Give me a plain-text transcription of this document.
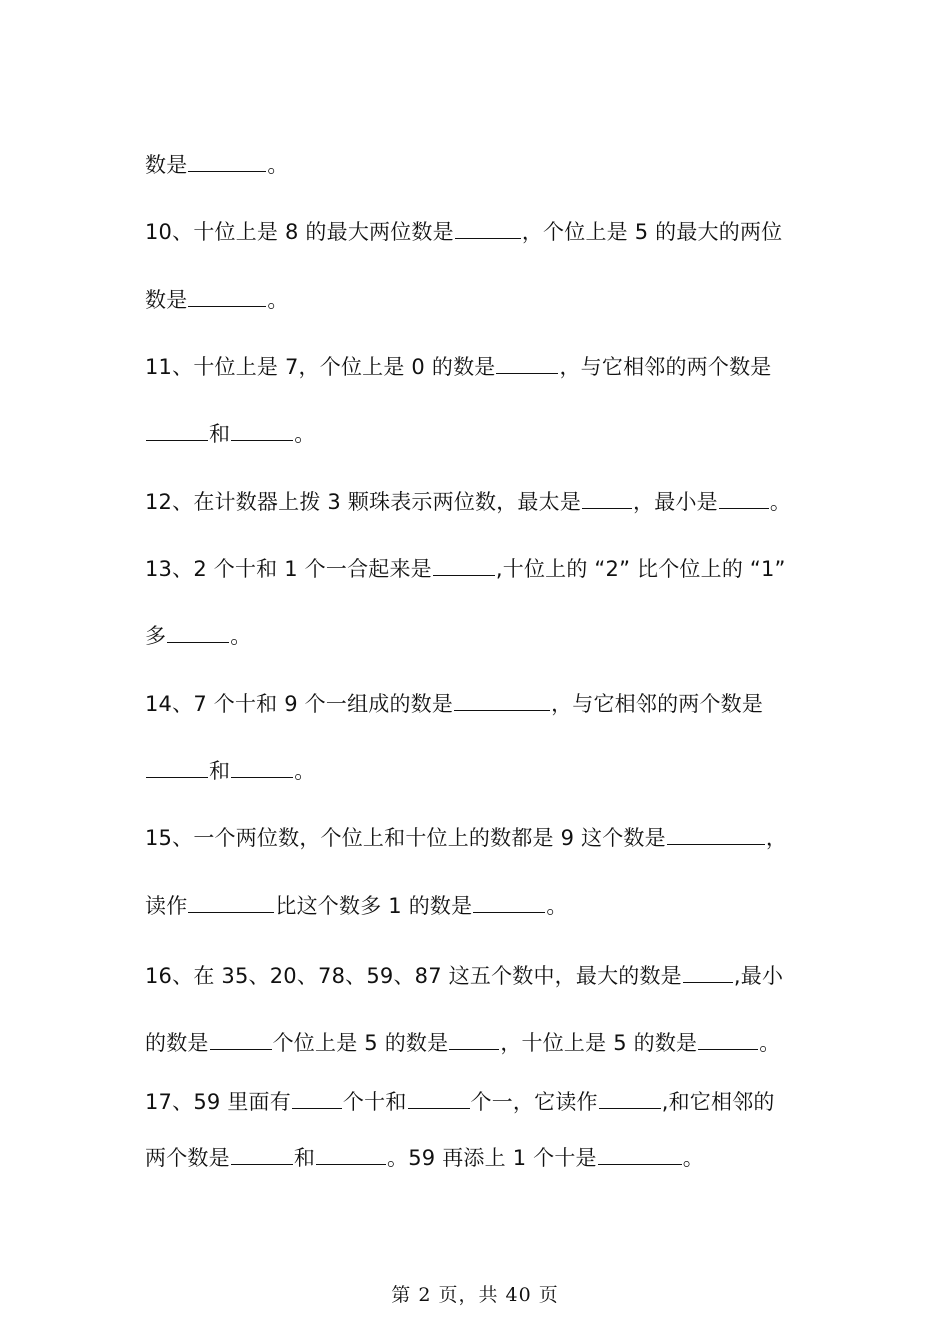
数是	。
10、十位上是 8 的最大两位数是	，个位上是 5 的最大的两位
数是	。
11、十位上是 7，个位上是 0 的数是	，与它相邻的两个数是
和	。
12、在计数器上拨 3 颗珠表示两位数，最太是 ，最小是 。
13、2 个十和 1 个一合起来是	,十位上的 “2” 比个位上的 “1”
多	。
14、7 个十和 9 个一组成的数是	，与它相邻的两个数是
和	。
15、一个两位数，个位上和十位上的数都是 9 这个数是	，
读作	比这个数多 1 的数是	。
16、在 35、20、78、59、87 这五个数中，最大的数是 ,最小
的数是	个位上是 5 的数是 ，十位上是 5 的数是	。
17、59 里面有 个十和	个一，它读作	,和它相邻的
两个数是	和	。59 再添上 1 个十是	。
第 2 页，共 40 页
